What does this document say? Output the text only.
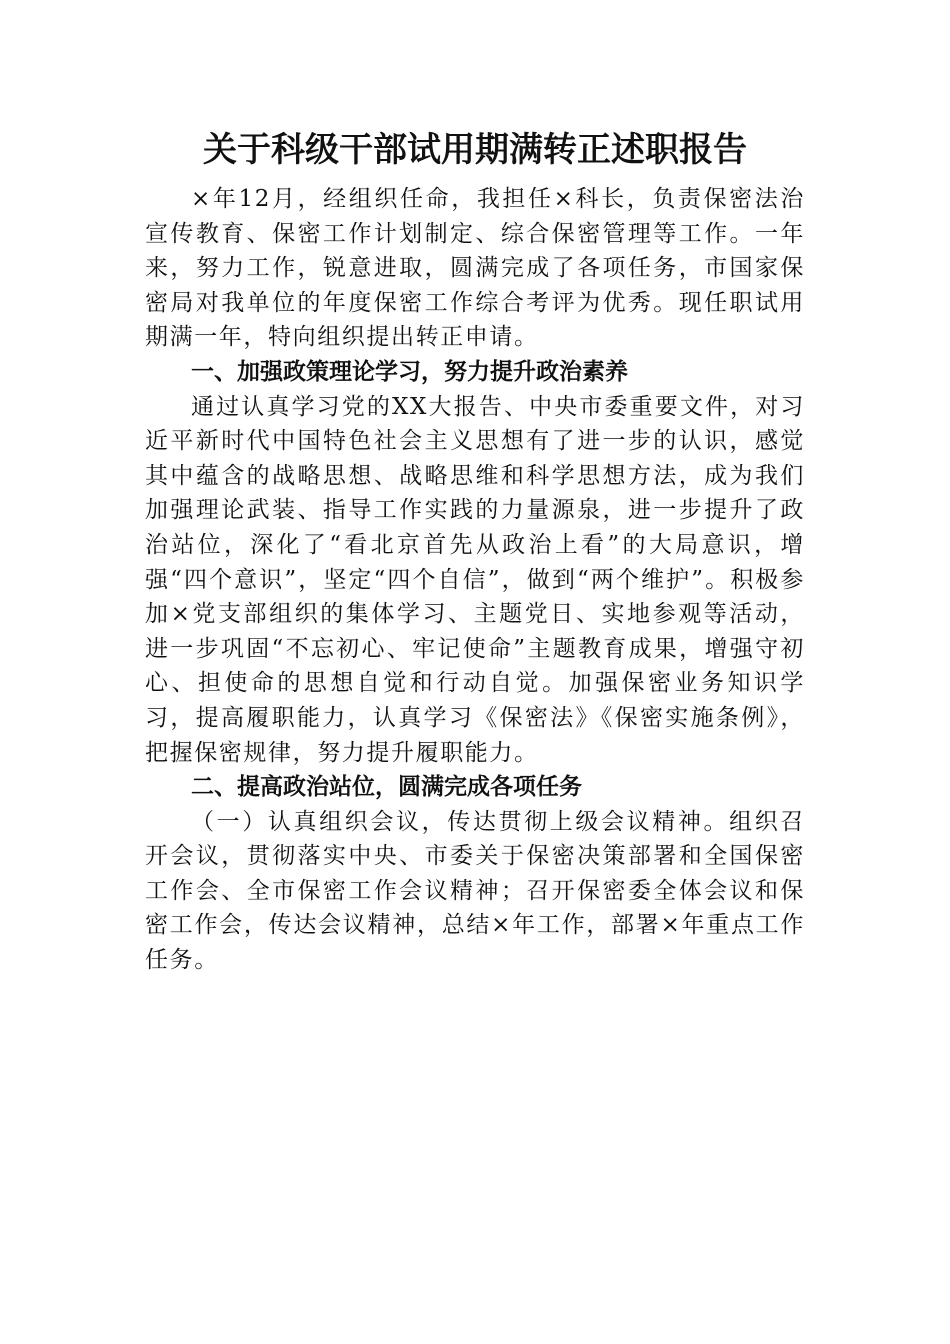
关于科级干部试用期满转正述职报告

×年12月，经组织任命，我担任×科长，负责保密法治宣传教育、保密工作计划制定、综合保密管理等工作。一年来，努力工作，锐意进取，圆满完成了各项任务，市国家保密局对我单位的年度保密工作综合考评为优秀。现任职试用期满一年，特向组织提出转正申请。

一、加强政策理论学习，努力提升政治素养

通过认真学习党的XX大报告、中央市委重要文件，对习近平新时代中国特色社会主义思想有了进一步的认识，感觉其中蕴含的战略思想、战略思维和科学思想方法，成为我们加强理论武装、指导工作实践的力量源泉，进一步提升了政治站位，深化了“看北京首先从政治上看”的大局意识，增强“四个意识”，坚定“四个自信”，做到“两个维护”。积极参加×党支部组织的集体学习、主题党日、实地参观等活动，进一步巩固“不忘初心、牢记使命”主题教育成果，增强守初心、担使命的思想自觉和行动自觉。加强保密业务知识学习，提高履职能力，认真学习《保密法》《保密实施条例》，把握保密规律，努力提升履职能力。

二、提高政治站位，圆满完成各项任务

（一）认真组织会议，传达贯彻上级会议精神。组织召开会议，贯彻落实中央、市委关于保密决策部署和全国保密工作会、全市保密工作会议精神；召开保密委全体会议和保密工作会，传达会议精神，总结×年工作，部署×年重点工作任务。
